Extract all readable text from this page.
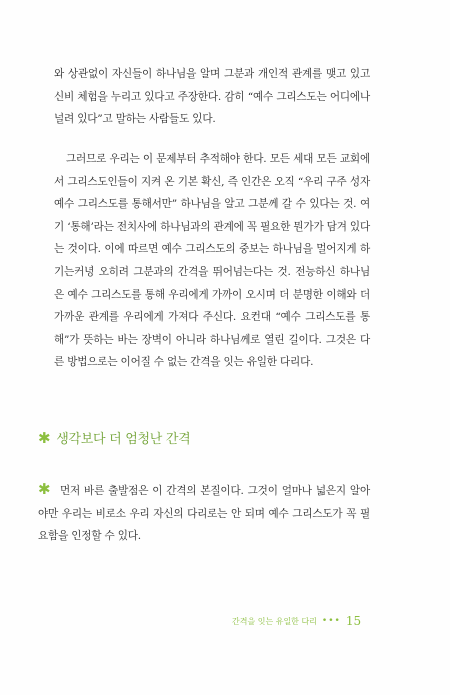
와 상관없이 자신들이 하나님을 알며 그분과 개인적 관계를 맺고 있고 신비 체험을 누리고 있다고 주장한다. 감히 “예수 그리스도는 어디에나 널려 있다”고 말하는 사람들도 있다.
그러므로 우리는 이 문제부터 추적해야 한다. 모든 세대 모든 교회에서 그리스도인들이 지켜 온 기본 확신, 즉 인간은 오직 “우리 구주 성자 예수 그리스도를 통해서만” 하나님을 알고 그분께 갈 수 있다는 것. 여기 ‘통해’라는 전치사에 하나님과의 관계에 꼭 필요한 뭔가가 담겨 있다는 것이다. 이에 따르면 예수 그리스도의 중보는 하나님을 멀어지게 하기는커녕 오히려 그분과의 간격을 뛰어넘는다는 것. 전능하신 하나님은 예수 그리스도를 통해 우리에게 가까이 오시며 더 분명한 이해와 더 가까운 관계를 우리에게 가져다 주신다. 요컨대 “예수 그리스도를 통해”가 뜻하는 바는 장벽이 아니라 하나님께로 열린 길이다. 그것은 다른 방법으로는 이어질 수 없는 간격을 잇는 유일한 다리다.
✱ 생각보다 더 엄청난 간격
✱ 먼저 바른 출발점은 이 간격의 본질이다. 그것이 얼마나 넓은지 알아야만 우리는 비로소 우리 자신의 다리로는 안 되며 예수 그리스도가 꼭 필요함을 인정할 수 있다.
간격을 잇는 유일한 다리 ••• 15
